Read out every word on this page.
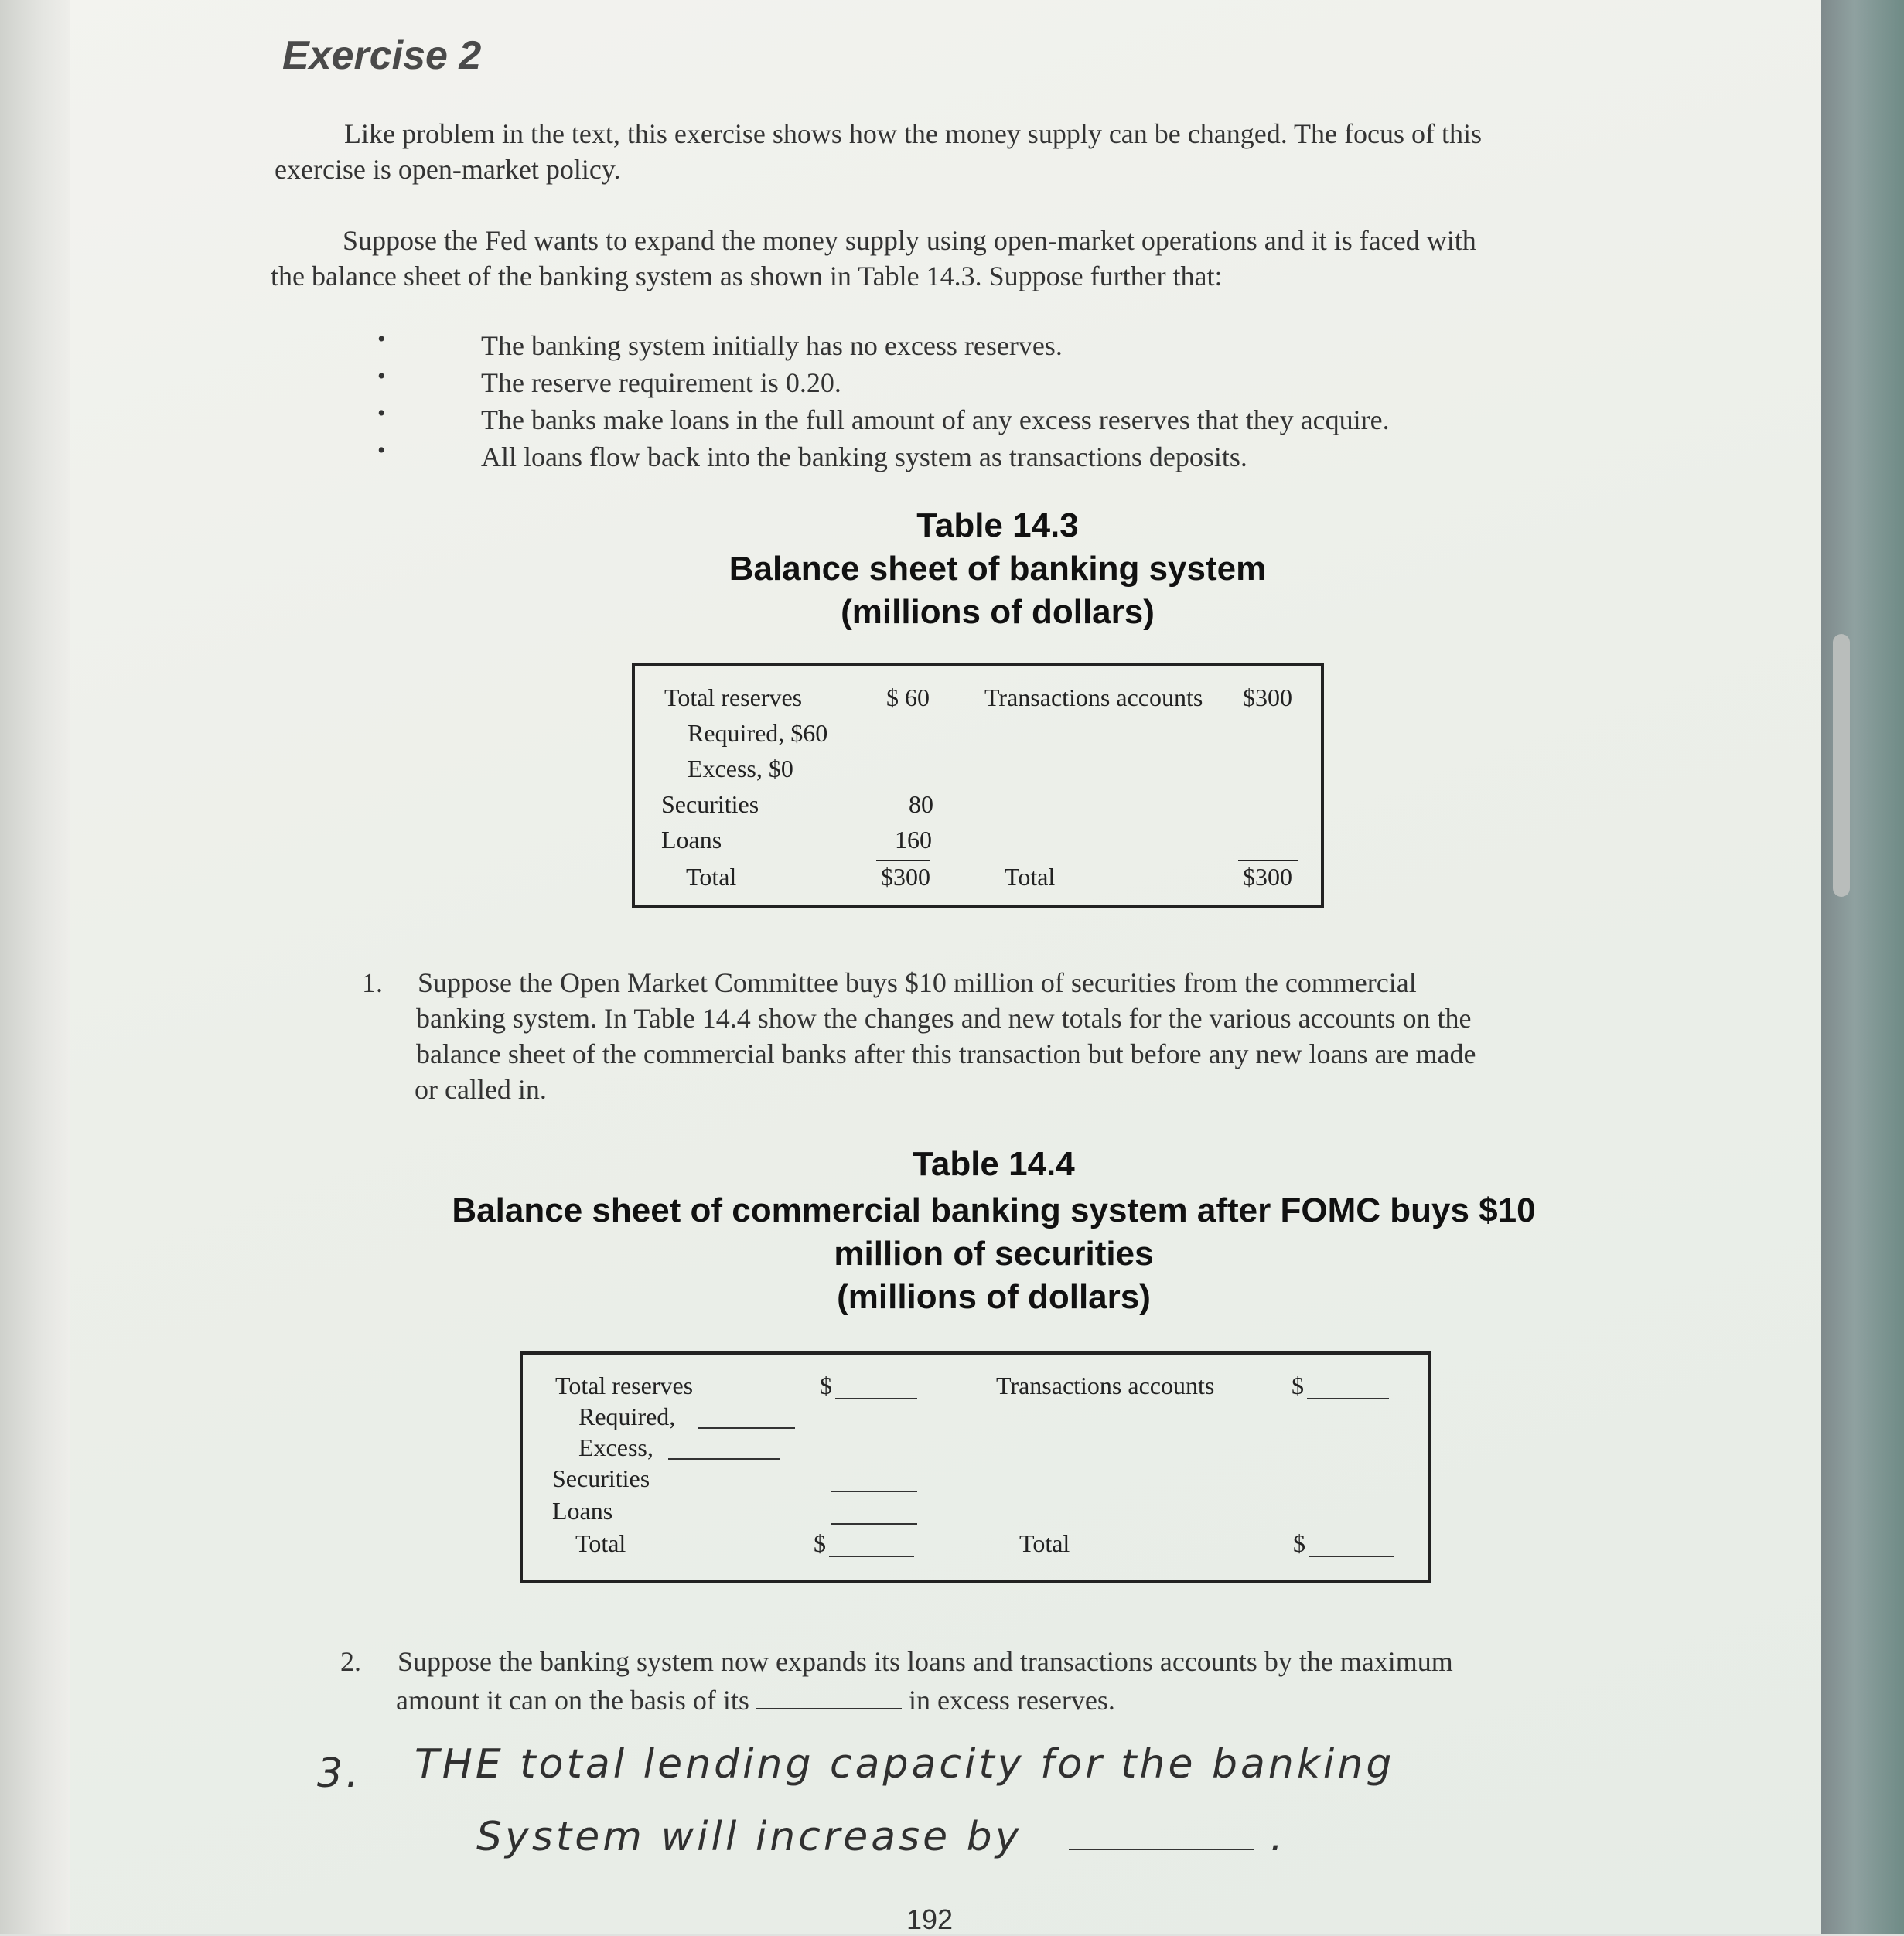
Exercise 2
Like problem in the text, this exercise shows how the money supply can be changed. The focus of this
exercise is open-market policy.
Suppose the Fed wants to expand the money supply using open-market operations and it is faced with
the balance sheet of the banking system as shown in Table 14.3. Suppose further that:
•	The banking system initially has no excess reserves.
•	The reserve requirement is 0.20.
•	The banks make loans in the full amount of any excess reserves that they acquire.
•	All loans flow back into the banking system as transactions deposits.
Table 14.3
Balance sheet of banking system
(millions of dollars)
Total reserves	$ 60 Transactions accounts $300
Required, $60
Excess, $0
Securities	80
Loans	160
Total	$300	Total	$300
1. Suppose the Open Market Committee buys $10 million of securities from the commercial
banking system. In Table 14.4 show the changes and new totals for the various accounts on the
balance sheet of the commercial banks after this transaction but before any new loans are made
or called in.
Table 14.4
Balance sheet of commercial banking system after FOMC buys $10
million of securities
(millions of dollars)
Total reserves	$	Transactions accounts	$
Required,
Excess,
Securities
Loans
Total	$	Total	$
2. Suppose the banking system now expands its loans and transactions accounts by the maximum
amount it can on the basis of its	in excess reserves.
3. THE total lending capacity for the banking
System will increase by	.
192
